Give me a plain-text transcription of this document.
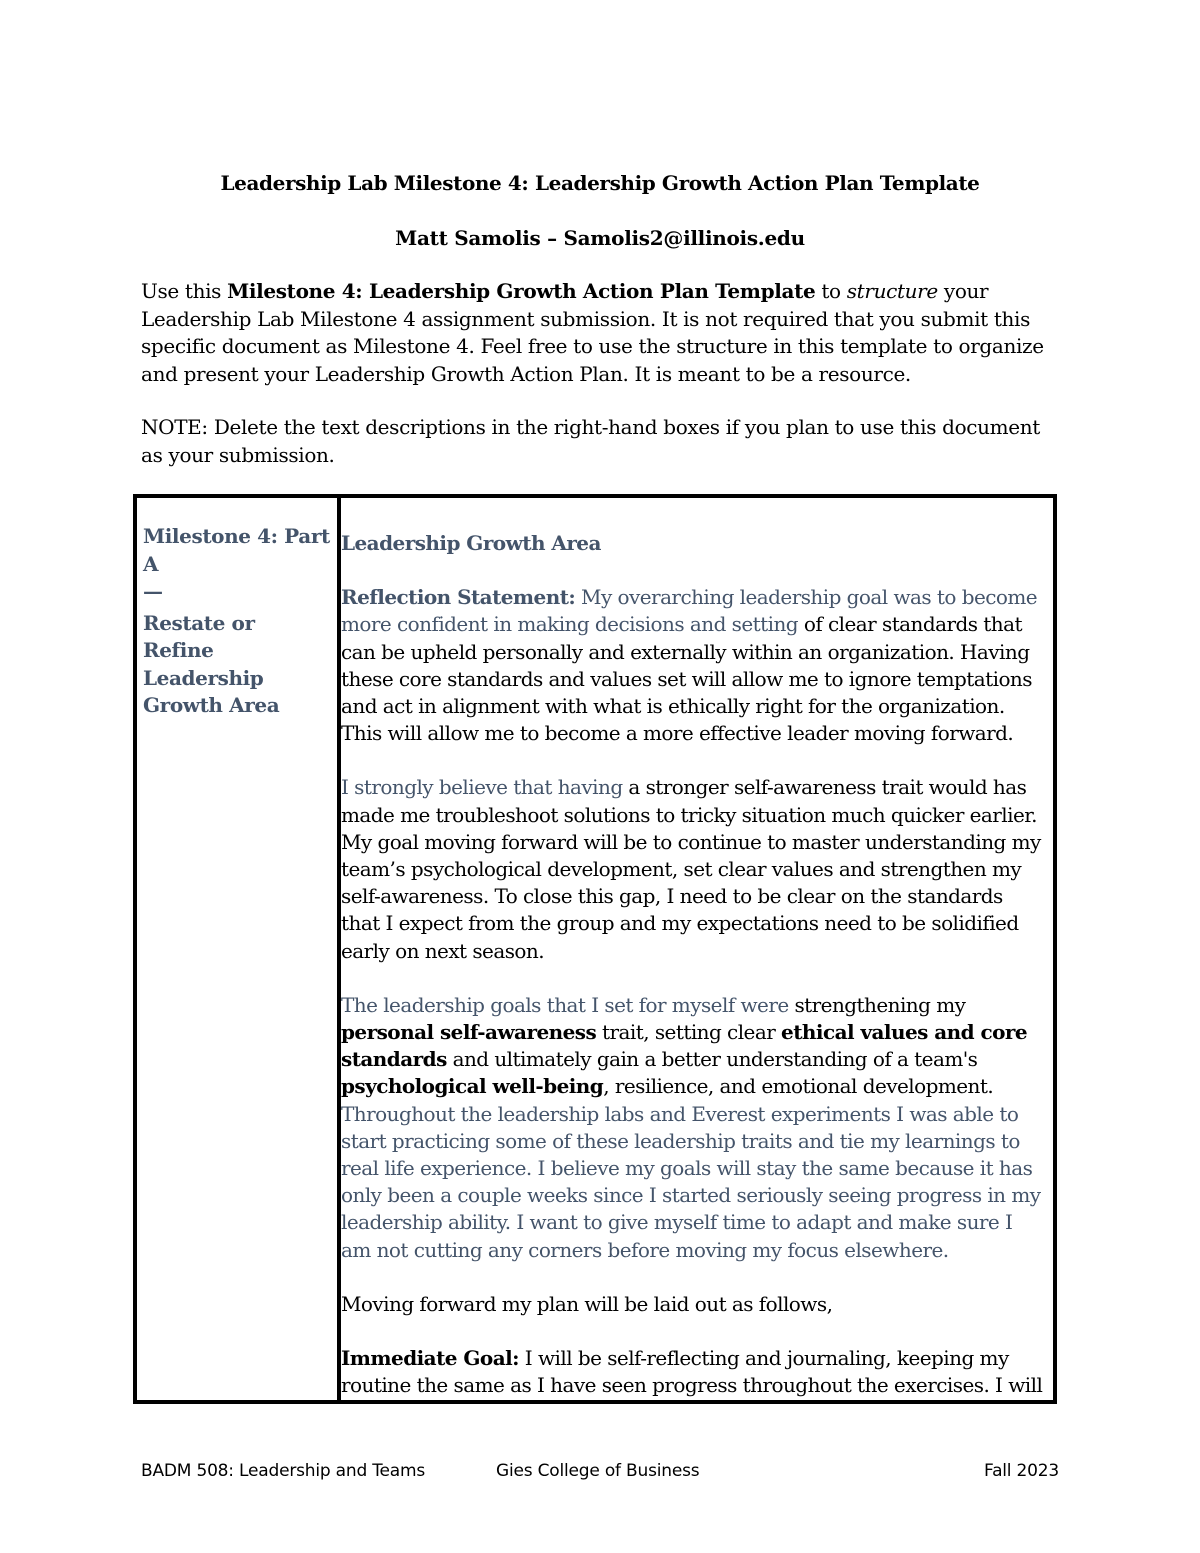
Leadership Lab Milestone 4: Leadership Growth Action Plan Template
Matt Samolis – Samolis2@illinois.edu
Use this Milestone 4: Leadership Growth Action Plan Template to structure your Leadership Lab Milestone 4 assignment submission. It is not required that you submit this specific document as Milestone 4. Feel free to use the structure in this template to organize and present your Leadership Growth Action Plan. It is meant to be a resource.
NOTE: Delete the text descriptions in the right-hand boxes if you plan to use this document as your submission.

Milestone 4: Part A

—

Restate or Refine Leadership Growth Area

Leadership Growth Area

Reflection Statement: My overarching leadership goal was to become more confident in making decisions and setting of clear standards that can be upheld personally and externally within an organization. Having these core standards and values set will allow me to ignore temptations and act in alignment with what is ethically right for the organization. This will allow me to become a more effective leader moving forward.

I strongly believe that having a stronger self-awareness trait would has made me troubleshoot solutions to tricky situation much quicker earlier. My goal moving forward will be to continue to master understanding my team’s psychological development, set clear values and strengthen my self-awareness. To close this gap, I need to be clear on the standards that I expect from the group and my expectations need to be solidified early on next season.

The leadership goals that I set for myself were strengthening my personal self-awareness trait, setting clear ethical values and core standards and ultimately gain a better understanding of a team's psychological well-being, resilience, and emotional development. Throughout the leadership labs and Everest experiments I was able to start practicing some of these leadership traits and tie my learnings to real life experience. I believe my goals will stay the same because it has only been a couple weeks since I started seriously seeing progress in my leadership ability. I want to give myself time to adapt and make sure I am not cutting any corners before moving my focus elsewhere.

Moving forward my plan will be laid out as follows,

Immediate Goal: I will be self-reflecting and journaling, keeping my routine the same as I have seen progress throughout the exercises. I will

BADM 508: Leadership and Teams	Gies College of Business	Fall 2023
